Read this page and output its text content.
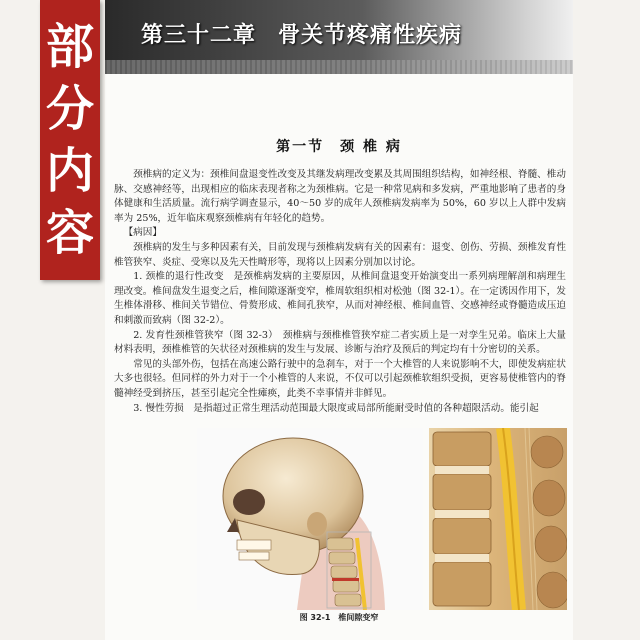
第三十二章 骨关节疼痛性疾病
第一节　颈 椎 病

颈椎病的定义为：颈椎间盘退变性改变及其继发病理改变累及其周围组织结构，如神经根、脊髓、椎动脉、交感神经等，出现相应的临床表现者称之为颈椎病。它是一种常见病和多发病，严重地影响了患者的身体健康和生活质量。流行病学调查显示，40～50 岁的成年人颈椎病发病率为 50%，60 岁以上人群中发病率为 25%，近年临床观察颈椎病有年轻化的趋势。

【病因】

颈椎病的发生与多种因素有关，目前发现与颈椎病发病有关的因素有：退变、创伤、劳损、颈椎发育性椎管狭窄、炎症、受寒以及先天性畸形等，现将以上因素分别加以讨论。

1. 颈椎的退行性改变　是颈椎病发病的主要原因，从椎间盘退变开始演变出一系列病理解剖和病理生理改变。椎间盘发生退变之后，椎间隙逐渐变窄，椎周软组织相对松弛（图 32-1）。在一定诱因作用下，发生椎体滑移、椎间关节错位、骨赘形成、椎间孔狭窄，从而对神经根、椎间血管、交感神经或脊髓造成压迫和刺激而致病（图 32-2）。

2. 发育性颈椎管狭窄（图 32-3）　颈椎病与颈椎椎管狭窄症二者实质上是一对孪生兄弟。临床上大量材料表明，颈椎椎管的矢状径对颈椎病的发生与发展、诊断与治疗及预后的判定均有十分密切的关系。

常见的头部外伤，包括在高速公路行驶中的急刹车，对于一个大椎管的人来说影响不大，即使发病症状大多也很轻。但同样的外力对于一个小椎管的人来说，不仅可以引起颈椎软组织受损，更容易使椎管内的脊髓神经受到挤压，甚至引起完全性瘫痪，此类不幸事情并非鲜见。

3. 慢性劳损　是指超过正常生理活动范围最大限度或局部所能耐受时值的各种超限活动。能引起

图 32-1　椎间隙变窄
部
分
内
容
